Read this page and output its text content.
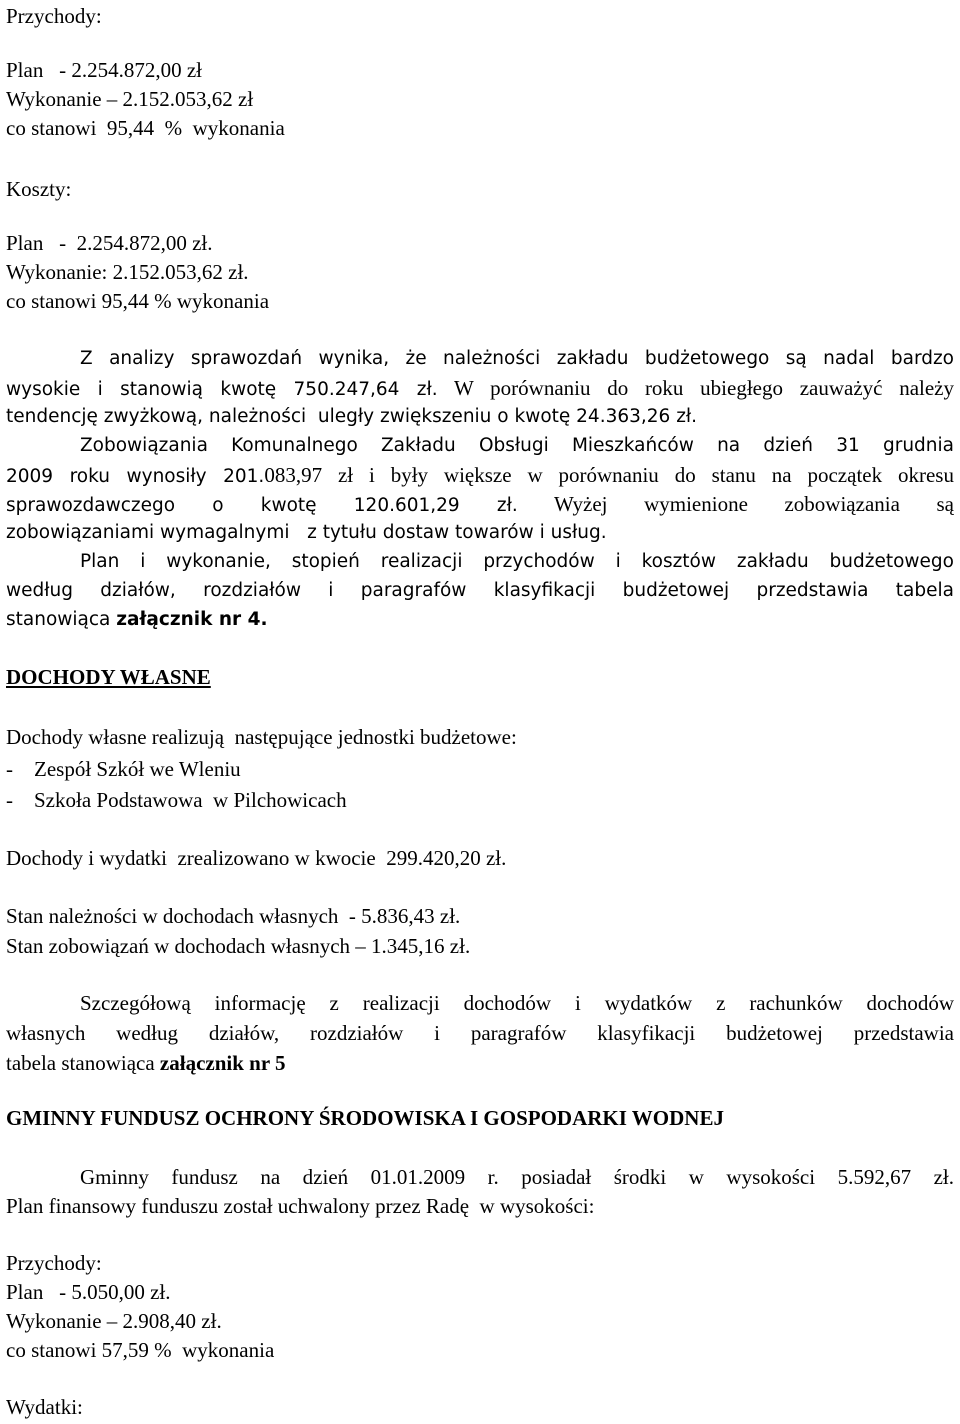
Przychody:
Plan   - 2.254.872,00 zł
Wykonanie – 2.152.053,62 zł
co stanowi  95,44  %  wykonania
Koszty:
Plan   -  2.254.872,00 zł.
Wykonanie: 2.152.053,62 zł.
co stanowi 95,44 % wykonania
Z analizy sprawozdań wynika, że należności zakładu budżetowego są nadal bardzo
wysokie i stanowią kwotę 750.247,64 zł. W porównaniu do roku ubiegłego zauważyć należy
tendencję zwyżkową, należności  uległy zwiększeniu o kwotę 24.363,26 zł.
Zobowiązania Komunalnego Zakładu Obsługi Mieszkańców na dzień 31 grudnia
2009 roku wynosiły 201.083,97 zł i były większe w porównaniu do stanu na początek okresu
sprawozdawczego o kwotę 120.601,29 zł. Wyżej wymienione zobowiązania są
zobowiązaniami wymagalnymi   z tytułu dostaw towarów i usług.
Plan i wykonanie, stopień realizacji przychodów i kosztów zakładu budżetowego
według działów, rozdziałów i paragrafów klasyfikacji budżetowej przedstawia tabela
stanowiąca załącznik nr 4.
DOCHODY WŁASNE
Dochody własne realizują  następujące jednostki budżetowe:
-    Zespół Szkół we Wleniu
-    Szkoła Podstawowa  w Pilchowicach
Dochody i wydatki  zrealizowano w kwocie  299.420,20 zł.
Stan należności w dochodach własnych  - 5.836,43 zł.
Stan zobowiązań w dochodach własnych – 1.345,16 zł.
Szczegółową informację z realizacji dochodów i wydatków z rachunków dochodów
własnych według działów, rozdziałów i paragrafów klasyfikacji budżetowej przedstawia
tabela stanowiąca załącznik nr 5
GMINNY FUNDUSZ OCHRONY ŚRODOWISKA I GOSPODARKI WODNEJ
Gminny fundusz na dzień 01.01.2009 r. posiadał środki w wysokości 5.592,67 zł.
Plan finansowy funduszu został uchwalony przez Radę  w wysokości:
Przychody:
Plan   - 5.050,00 zł.
Wykonanie – 2.908,40 zł.
co stanowi 57,59 %  wykonania
Wydatki:
